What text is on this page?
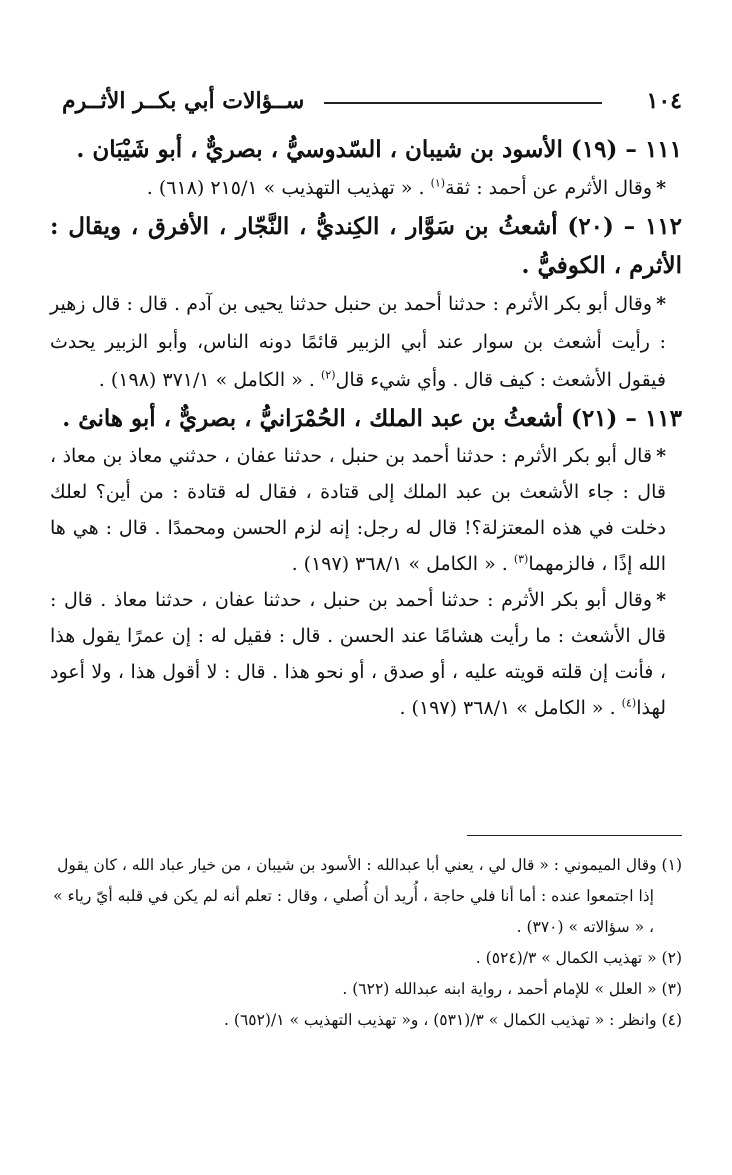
١٠٤
ســؤالات أبي بكــر الأثــرم

١١١ – (١٩) الأسود بن شيبان ، السّدوسيُّ ، بصريٌّ ، أبو شَيْبَان .

*وقال الأثرم عن أحمد : ثقة$^{(١)}$ . « تهذيب التهذيب » ٢١٥/١ (٦١٨) .

١١٢ – (٢٠) أشعثُ بن سَوَّار ، الكِنديُّ ، النَّجّار ، الأفرق ، ويقال : الأثرم ، الكوفيُّ .

*وقال أبو بكر الأثرم : حدثنا أحمد بن حنبل حدثنا يحيى بن آدم . قال : قال زهير : رأيت أشعث بن سوار عند أبي الزبير قائمًا دونه الناس، وأبو الزبير يحدث فيقول الأشعث : كيف قال . وأي شيء قال$^{(٢)}$ . « الكامل » ٣٧١/١ (١٩٨) .

١١٣ – (٢١) أشعثُ بن عبد الملك ، الحُمْرَانيُّ ، بصريٌّ ، أبو هانئ .

*قال أبو بكر الأثرم : حدثنا أحمد بن حنبل ، حدثنا عفان ، حدثني معاذ بن معاذ ، قال : جاء الأشعث بن عبد الملك إلى قتادة ، فقال له قتادة : من أين؟ لعلك دخلت في هذه المعتزلة؟! قال له رجل: إنه لزم الحسن ومحمدًا . قال : هي ها الله إذًا ، فالزمهما$^{(٣)}$ . « الكامل » ٣٦٨/١ (١٩٧) .

*وقال أبو بكر الأثرم : حدثنا أحمد بن حنبل ، حدثنا عفان ، حدثنا معاذ . قال : قال الأشعث : ما رأيت هشامًا عند الحسن . قال : فقيل له : إن عمرًا يقول هذا ، فأنت إن قلته قويته عليه ، أو صدق ، أو نحو هذا . قال : لا أقول هذا ، ولا أعود لهذا$^{(٤)}$ . « الكامل » ٣٦٨/١ (١٩٧) .

(١) وقال الميموني : « قال لي ، يعني أبا عبدالله : الأسود بن شيبان ، من خيار عباد الله ، كان يقول

إذا اجتمعوا عنده : أما أنا فلي حاجة ، أُريد أن أُصلي ، وقال : تعلم أنه لم يكن في قلبه أيّ رياء » ، « سؤالاته » (٣٧٠) .

(٢) « تهذيب الكمال » ٣/(٥٢٤) .

(٣) « العلل » للإمام أحمد ، رواية ابنه عبدالله (٦٢٢) .

(٤) وانظر : « تهذيب الكمال » ٣/(٥٣١) ، و« تهذيب التهذيب » ١/(٦٥٢) .
